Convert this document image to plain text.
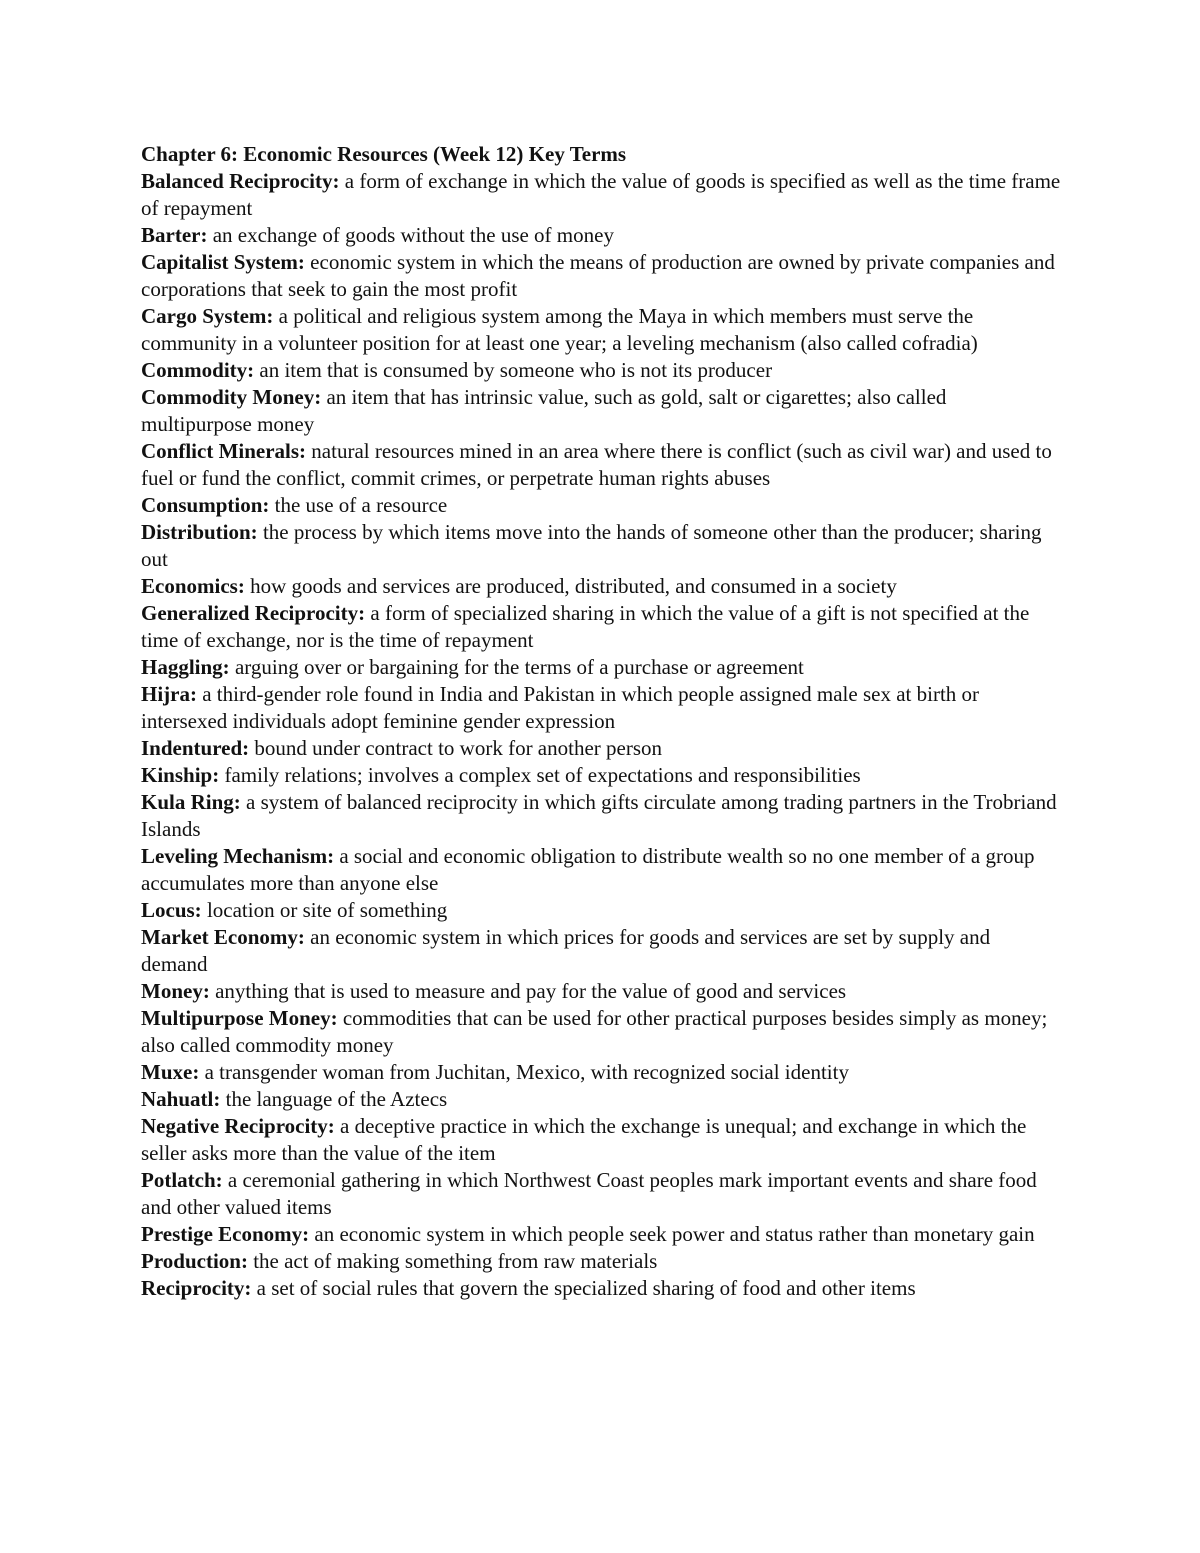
Chapter 6: Economic Resources (Week 12) Key Terms

Balanced Reciprocity: a form of exchange in which the value of goods is specified as well as the time frame of repayment

Barter: an exchange of goods without the use of money

Capitalist System: economic system in which the means of production are owned by private companies and corporations that seek to gain the most profit

Cargo System: a political and religious system among the Maya in which members must serve the community in a volunteer position for at least one year; a leveling mechanism (also called cofradia)

Commodity: an item that is consumed by someone who is not its producer

Commodity Money: an item that has intrinsic value, such as gold, salt or cigarettes; also called multipurpose money

Conflict Minerals: natural resources mined in an area where there is conflict (such as civil war) and used to fuel or fund the conflict, commit crimes, or perpetrate human rights abuses

Consumption: the use of a resource

Distribution: the process by which items move into the hands of someone other than the producer; sharing out

Economics: how goods and services are produced, distributed, and consumed in a society

Generalized Reciprocity: a form of specialized sharing in which the value of a gift is not specified at the time of exchange, nor is the time of repayment

Haggling: arguing over or bargaining for the terms of a purchase or agreement

Hijra: a third-gender role found in India and Pakistan in which people assigned male sex at birth or intersexed individuals adopt feminine gender expression

Indentured: bound under contract to work for another person

Kinship: family relations; involves a complex set of expectations and responsibilities

Kula Ring: a system of balanced reciprocity in which gifts circulate among trading partners in the Trobriand Islands

Leveling Mechanism: a social and economic obligation to distribute wealth so no one member of a group accumulates more than anyone else

Locus: location or site of something

Market Economy: an economic system in which prices for goods and services are set by supply and demand

Money: anything that is used to measure and pay for the value of good and services

Multipurpose Money: commodities that can be used for other practical purposes besides simply as money; also called commodity money

Muxe: a transgender woman from Juchitan, Mexico, with recognized social identity

Nahuatl: the language of the Aztecs

Negative Reciprocity: a deceptive practice in which the exchange is unequal; and exchange in which the seller asks more than the value of the item

Potlatch: a ceremonial gathering in which Northwest Coast peoples mark important events and share food and other valued items

Prestige Economy: an economic system in which people seek power and status rather than monetary gain

Production: the act of making something from raw materials

Reciprocity: a set of social rules that govern the specialized sharing of food and other items
